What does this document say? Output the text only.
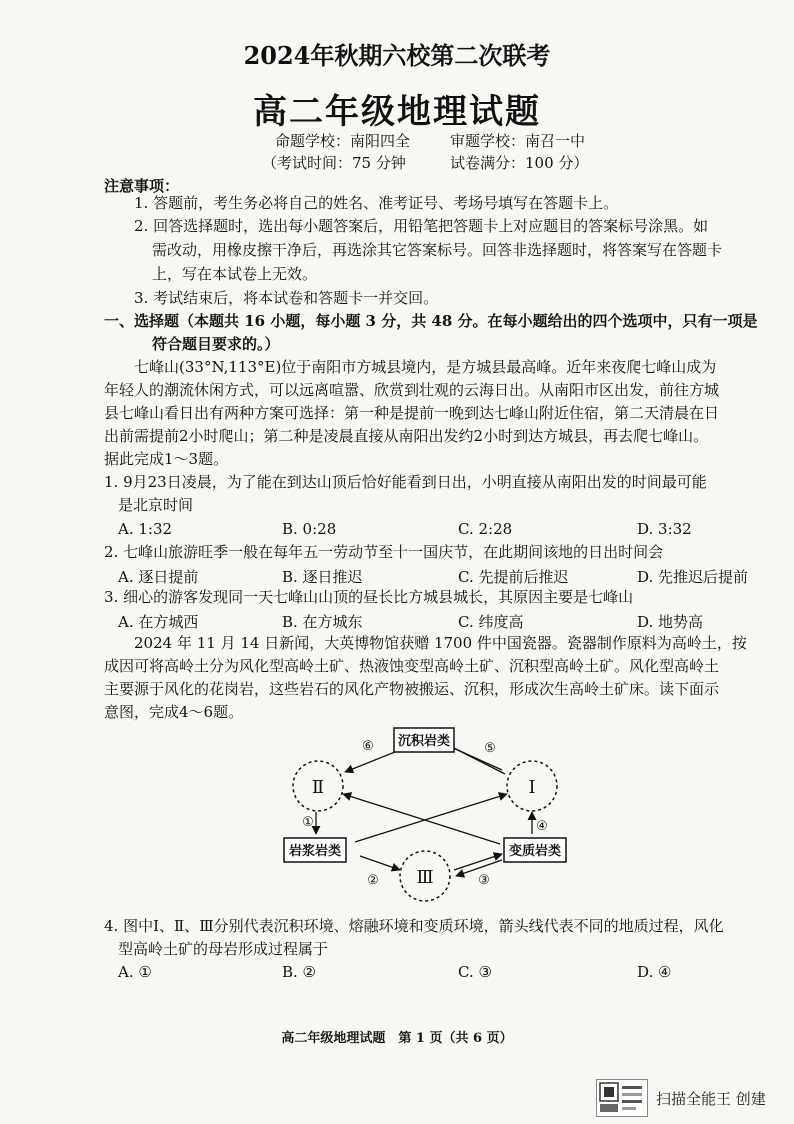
2024年秋期六校第二次联考
高二年级地理试题
命题学校：南阳四全	审题学校：南召一中
（考试时间：75 分钟	试卷满分：100 分）
注意事项：
1. 答题前，考生务必将自己的姓名、准考证号、考场号填写在答题卡上。
2. 回答选择题时，选出每小题答案后，用铅笔把答题卡上对应题目的答案标号涂黑。如
需改动，用橡皮擦干净后，再选涂其它答案标号。回答非选择题时，将答案写在答题卡
上，写在本试卷上无效。
3. 考试结束后，将本试卷和答题卡一并交回。
一、选择题（本题共 16 小题，每小题 3 分，共 48 分。在每小题给出的四个选项中，只有一项是
符合题目要求的。）
七峰山(33°N,113°E)位于南阳市方城县境内，是方城县最高峰。近年来夜爬七峰山成为
年轻人的潮流休闲方式，可以远离喧嚣、欣赏到壮观的云海日出。从南阳市区出发，前往方城
县七峰山看日出有两种方案可选择：第一种是提前一晚到达七峰山附近住宿，第二天清晨在日
出前需提前2小时爬山；第二种是凌晨直接从南阳出发约2小时到达方城县，再去爬七峰山。
据此完成1～3题。
1. 9月23日凌晨，为了能在到达山顶后恰好能看到日出，小明直接从南阳出发的时间最可能
是北京时间
A. 1:32	B. 0:28	C. 2:28	D. 3:32
2. 七峰山旅游旺季一般在每年五一劳动节至十一国庆节，在此期间该地的日出时间会
A. 逐日提前	B. 逐日推迟	C. 先提前后推迟	D. 先推迟后提前
3. 细心的游客发现同一天七峰山山顶的昼长比方城县城长，其原因主要是七峰山
A. 在方城西	B. 在方城东	C. 纬度高	D. 地势高
2024 年 11 月 14 日新闻，大英博物馆获赠 1700 件中国瓷器。瓷器制作原料为高岭土，按
成因可将高岭土分为风化型高岭土矿、热液蚀变型高岭土矿、沉积型高岭土矿。风化型高岭土
主要源于风化的花岗岩，这些岩石的风化产物被搬运、沉积，形成次生高岭土矿床。读下面示
意图，完成4～6题。
沉积岩类
岩浆岩类	变质岩类
Ⅱ	Ⅰ
Ⅲ
①
②	③
④
⑤
⑥
4. 图中Ⅰ、Ⅱ、Ⅲ分别代表沉积环境、熔融环境和变质环境，箭头线代表不同的地质过程，风化
型高岭土矿的母岩形成过程属于
A. ①	B. ②	C. ③	D. ④
高二年级地理试题　第 1 页（共 6 页）
扫描全能王 创建
